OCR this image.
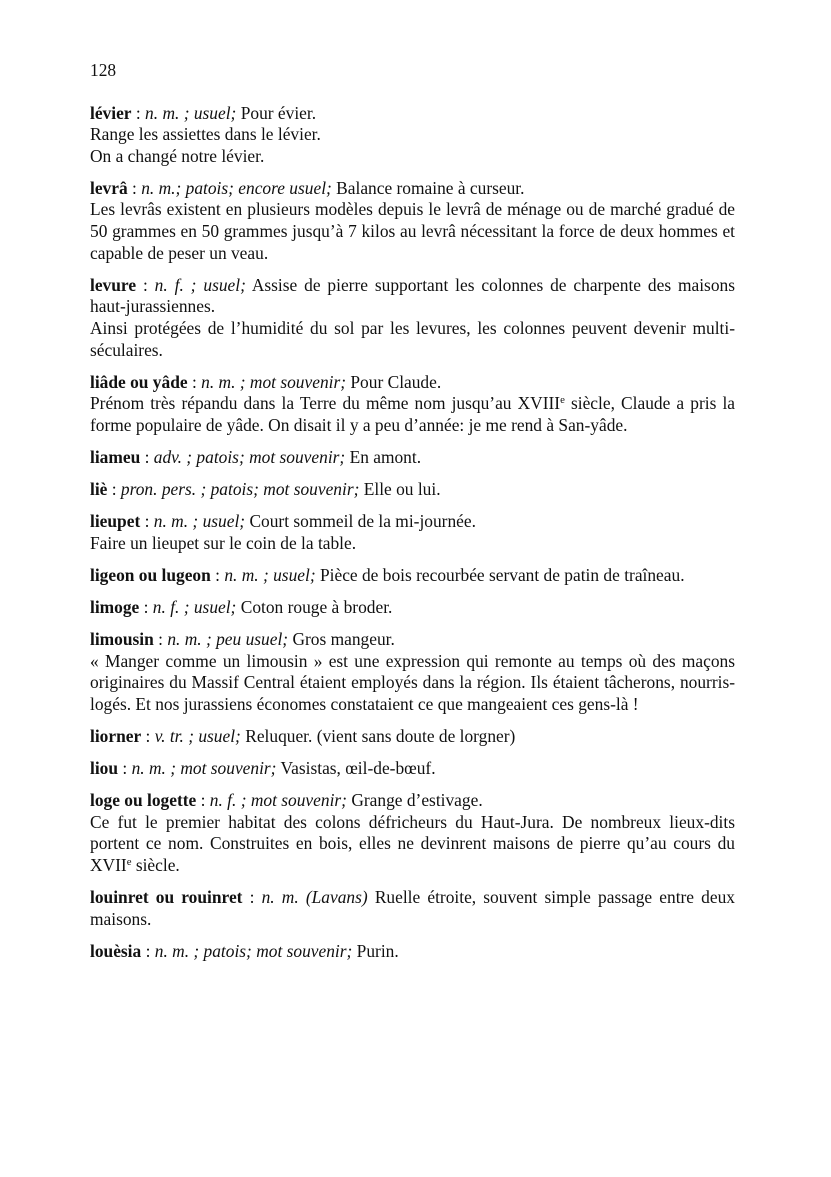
128
lévier : n. m. ; usuel; Pour évier.
Range les assiettes dans le lévier.
On a changé notre lévier.
levrâ : n. m.; patois; encore usuel; Balance romaine à curseur.
Les levrâs existent en plusieurs modèles depuis le levrâ de ménage ou de marché gradué de 50 grammes en 50 grammes jusqu’à 7 kilos au levrâ nécessitant la force de deux hommes et capable de peser un veau.
levure : n. f. ; usuel; Assise de pierre supportant les colonnes de charpente des maisons haut-jurassiennes.
Ainsi protégées de l’humidité du sol par les levures, les colonnes peuvent devenir multi-séculaires.
liâde ou yâde : n. m. ; mot souvenir; Pour Claude.
Prénom très répandu dans la Terre du même nom jusqu’au XVIIIe siècle, Claude a pris la forme populaire de yâde. On disait il y a peu d’année: je me rend à San-yâde.
liameu : adv. ; patois; mot souvenir; En amont.
liè : pron. pers. ; patois; mot souvenir; Elle ou lui.
lieupet : n. m. ; usuel; Court sommeil de la mi-journée.
Faire un lieupet sur le coin de la table.
ligeon ou lugeon : n. m. ; usuel; Pièce de bois recourbée servant de patin de traîneau.
limoge : n. f. ; usuel; Coton rouge à broder.
limousin : n. m. ; peu usuel; Gros mangeur.
« Manger comme un limousin » est une expression qui remonte au temps où des maçons originaires du Massif Central étaient employés dans la région. Ils étaient tâcherons, nourris-logés. Et nos jurassiens économes constataient ce que mangeaient ces gens-là !
liorner : v. tr. ; usuel; Reluquer. (vient sans doute de lorgner)
liou : n. m. ; mot souvenir; Vasistas, œil-de-bœuf.
loge ou logette : n. f. ; mot souvenir; Grange d’estivage.
Ce fut le premier habitat des colons défricheurs du Haut-Jura. De nombreux lieux-dits portent ce nom. Construites en bois, elles ne devinrent maisons de pierre qu’au cours du XVIIe siècle.
louinret ou rouinret : n. m. (Lavans) Ruelle étroite, souvent simple passage entre deux maisons.
louèsia : n. m. ; patois; mot souvenir; Purin.
